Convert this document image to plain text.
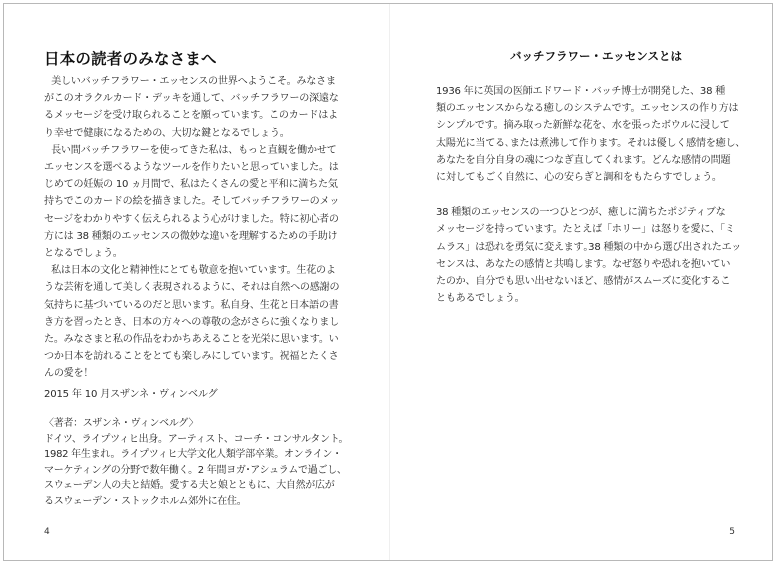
日本の読者のみなさまへ

美しいバッチフラワー・エッセンスの世界へようこそ。みなさま

がこのオラクルカード・デッキを通して、バッチフラワーの深遠な

るメッセージを受け取られることを願っています。このカードはよ

り幸せで健康になるための、大切な鍵となるでしょう。

長い間バッチフラワーを使ってきた私は、もっと直観を働かせて

エッセンスを選べるようなツールを作りたいと思っていました。は

じめての妊娠の 10 ヵ月間で、私はたくさんの愛と平和に満ちた気

持ちでこのカードの絵を描きました。そしてバッチフラワーのメッ

セージをわかりやすく伝えられるよう心がけました。特に初心者の

方には 38 種類のエッセンスの微妙な違いを理解するための手助け

となるでしょう。

私は日本の文化と精神性にとても敬意を抱いています。生花のよ

うな芸術を通して美しく表現されるように、それは自然への感謝の

気持ちに基づいているのだと思います。私自身、生花と日本語の書

き方を習ったとき、日本の方々への尊敬の念がさらに強くなりまし

た。みなさまと私の作品をわかちあえることを光栄に思います。い

つか日本を訪れることをとても楽しみにしています。祝福とたくさ

んの愛を！

2015 年 10 月スザンネ・ヴィンベルグ

〈著者：スザンネ・ヴィンベルグ〉

ドイツ、ライプツィヒ出身。アーティスト、コーチ・コンサルタント。

1982 年生まれ。ライプツィヒ大学文化人類学部卒業。オンライン・

マーケティングの分野で数年働く。2 年間ヨガ･アシュラムで過ごし、

スウェーデン人の夫と結婚。愛する夫と娘とともに、大自然が広が

るスウェーデン・ストックホルム郊外に在住。

4
バッチフラワー・エッセンスとは

1936 年に英国の医師エドワード・バッチ博士が開発した、38 種

類のエッセンスからなる癒しのシステムです。エッセンスの作り方は

シンプルです。摘み取った新鮮な花を、水を張ったボウルに浸して

太陽光に当てる､または煮沸して作ります。それは優しく感情を癒し、

あなたを自分自身の魂につなぎ直してくれます。どんな感情の問題

に対してもごく自然に、心の安らぎと調和をもたらすでしょう。

38 種類のエッセンスの一つひとつが、癒しに満ちたポジティブな

メッセージを持っています。たとえば「ホリー」は怒りを愛に、「ミ

ムラス」は恐れを勇気に変えます｡38 種類の中から選び出されたエッ

センスは、あなたの感情と共鳴します。なぜ怒りや恐れを抱いてい

たのか、自分でも思い出せないほど、感情がスムーズに変化するこ

ともあるでしょう。

5
